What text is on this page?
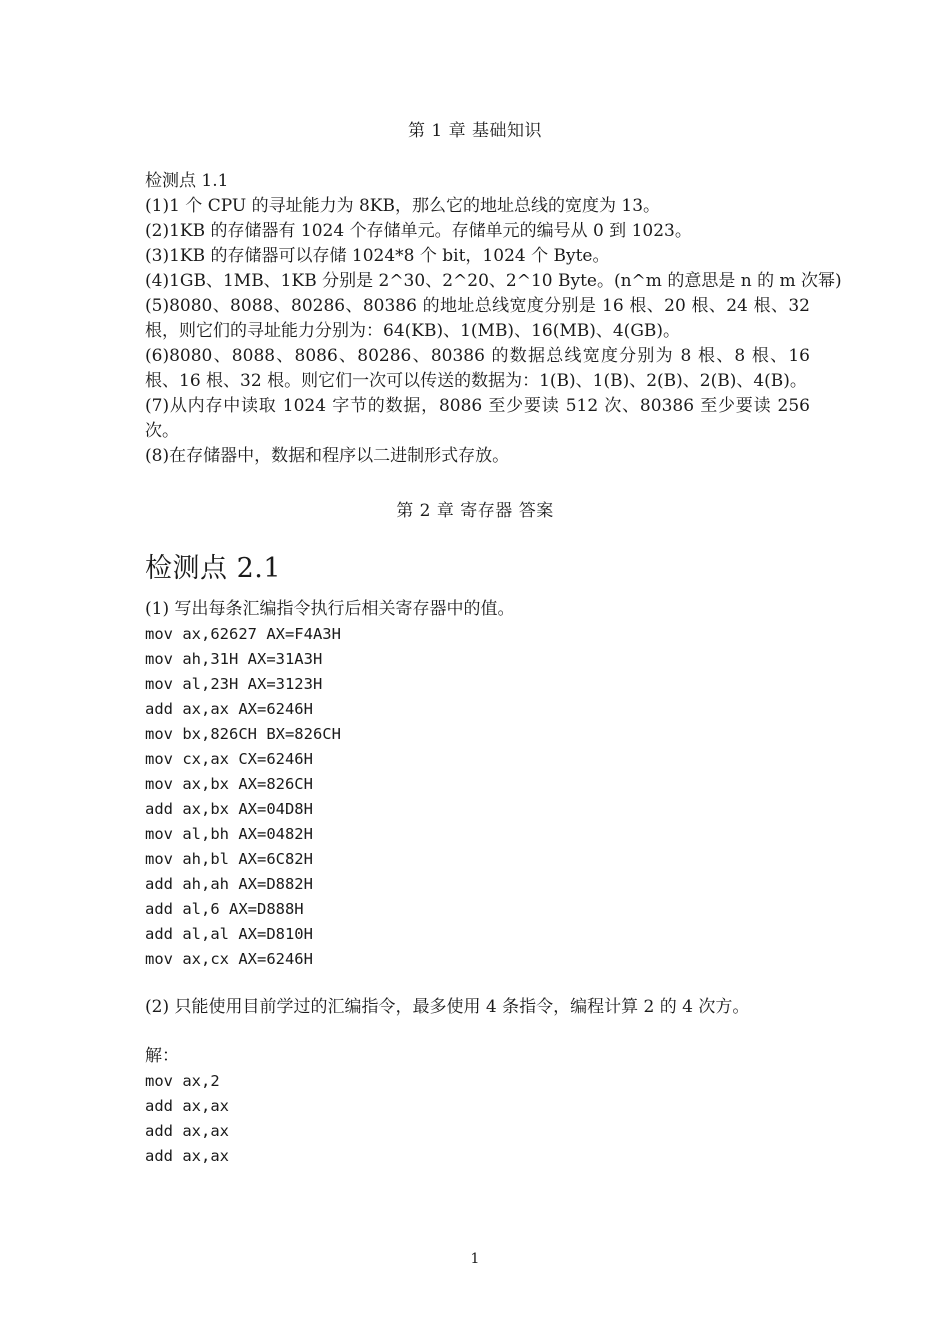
第 1 章 基础知识
检测点 1.1
(1)1 个 CPU 的寻址能力为 8KB，那么它的地址总线的宽度为 13。
(2)1KB 的存储器有 1024 个存储单元。存储单元的编号从 0 到 1023。
(3)1KB 的存储器可以存储 1024*8 个 bit，1024 个 Byte。
(4)1GB、1MB、1KB 分别是 2^30、2^20、2^10 Byte。(n^m 的意思是 n 的 m 次幂)
(5)8080、8088、80286、80386 的地址总线宽度分别是 16 根、20 根、24 根、32 根，则它们的寻址能力分别为：64(KB)、1(MB)、16(MB)、4(GB)。
(6)8080、8088、8086、80286、80386 的数据总线宽度分别为 8 根、8 根、16 根、16 根、32 根。则它们一次可以传送的数据为：1(B)、1(B)、2(B)、2(B)、4(B)。
(7)从内存中读取 1024 字节的数据，8086 至少要读 512 次、80386 至少要读 256 次。
(8)在存储器中，数据和程序以二进制形式存放。
第 2 章 寄存器 答案
检测点 2.1
(1) 写出每条汇编指令执行后相关寄存器中的值。
mov ax,62627 AX=F4A3H
mov ah,31H AX=31A3H
mov al,23H AX=3123H
add ax,ax AX=6246H
mov bx,826CH BX=826CH
mov cx,ax CX=6246H
mov ax,bx AX=826CH
add ax,bx AX=04D8H
mov al,bh AX=0482H
mov ah,bl AX=6C82H
add ah,ah AX=D882H
add al,6 AX=D888H
add al,al AX=D810H
mov ax,cx AX=6246H
(2) 只能使用目前学过的汇编指令，最多使用 4 条指令，编程计算 2 的 4 次方。
解：
mov ax,2
add ax,ax
add ax,ax
add ax,ax
1
